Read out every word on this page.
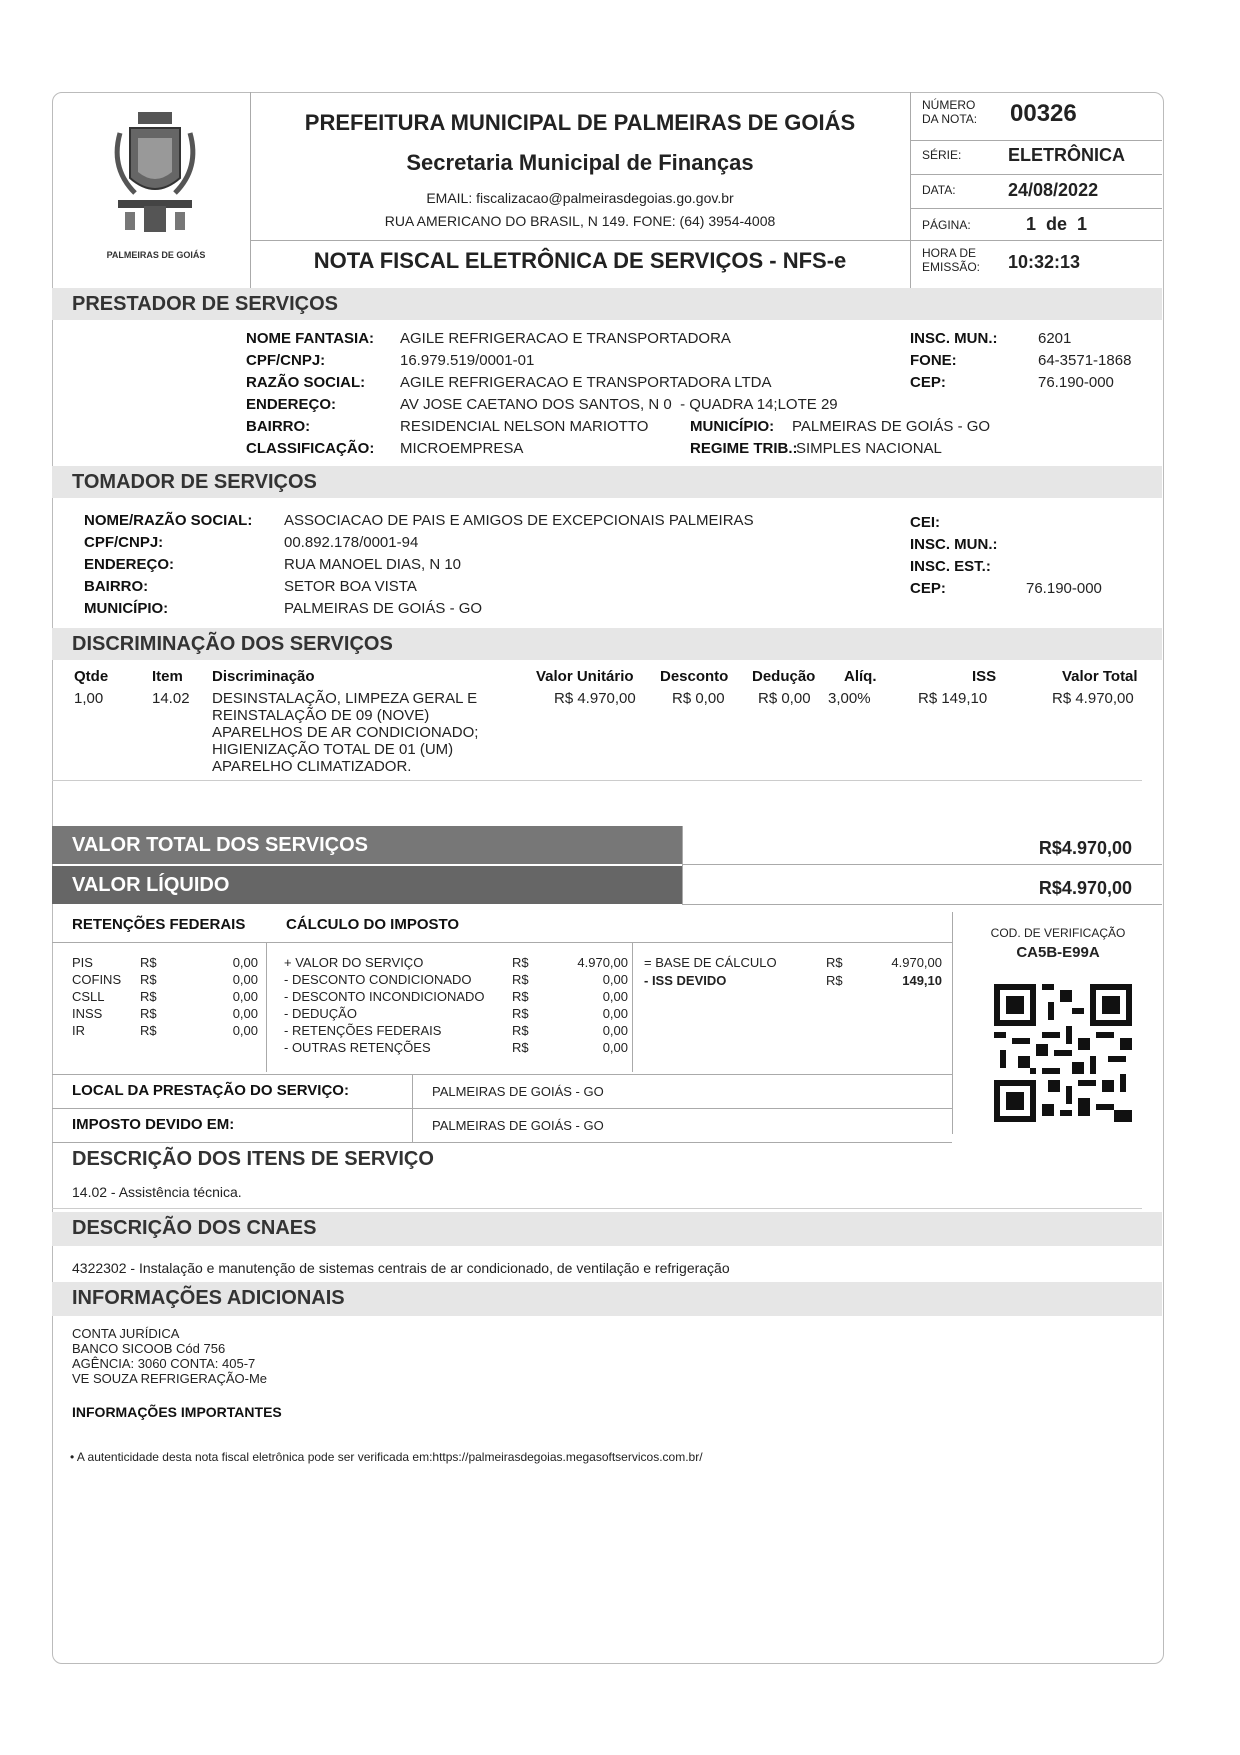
PALMEIRAS DE GOIÁS
PREFEITURA MUNICIPAL DE PALMEIRAS DE GOIÁS
Secretaria Municipal de Finanças
EMAIL: fiscalizacao@palmeirasdegoias.go.gov.br
RUA AMERICANO DO BRASIL, N 149. FONE: (64) 3954-4008
NOTA FISCAL ELETRÔNICA DE SERVIÇOS - NFS-e
NÚMERO
DA NOTA: 00326
SÉRIE:	ELETRÔNICA
DATA:	24/08/2022
PÁGINA:	1  de  1
HORA DE
EMISSÃO: 10:32:13
PRESTADOR DE SERVIÇOS
NOME FANTASIA: AGILE REFRIGERACAO E TRANSPORTADORA
CPF/CNPJ:	16.979.519/0001-01
RAZÃO SOCIAL: AGILE REFRIGERACAO E TRANSPORTADORA LTDA
ENDEREÇO:	AV JOSE CAETANO DOS SANTOS, N 0  - QUADRA 14;LOTE 29
BAIRRO:	RESIDENCIAL NELSON MARIOTTO
CLASSIFICAÇÃO: MICROEMPRESA
MUNICÍPIO: PALMEIRAS DE GOIÁS - GO
REGIME TRIB.:
SIMPLES NACIONAL
INSC. MUN.:	6201
FONE:	64-3571-1868
CEP:	76.190-000
TOMADOR DE SERVIÇOS
NOME/RAZÃO SOCIAL: ASSOCIACAO DE PAIS E AMIGOS DE EXCEPCIONAIS PALMEIRAS
CPF/CNPJ:	00.892.178/0001-94
ENDEREÇO:	RUA MANOEL DIAS, N 10
BAIRRO:	SETOR BOA VISTA
MUNICÍPIO:	PALMEIRAS DE GOIÁS - GO
CEI:
INSC. MUN.:
INSC. EST.:
CEP:	76.190-000
DISCRIMINAÇÃO DOS SERVIÇOS
Qtde	Item Discriminação	Valor Unitário Desconto Dedução Alíq.	ISS	Valor Total
1,00	14.02 DESINSTALAÇÃO, LIMPEZA GERAL E
REINSTALAÇÃO DE 09 (NOVE)
APARELHOS DE AR CONDICIONADO;
HIGIENIZAÇÃO TOTAL DE 01 (UM)
APARELHO CLIMATIZADOR.
R$ 4.970,00 R$ 0,00 R$ 0,00 3,00%	R$ 149,10	R$ 4.970,00
VALOR TOTAL DOS SERVIÇOS
VALOR LÍQUIDO
R$4.970,00
R$4.970,00
RETENÇÕES FEDERAIS	CÁLCULO DO IMPOSTO
PIS	R$	0,00
COFINS R$	0,00
CSLL	R$	0,00
INSS	R$	0,00
IR	R$	0,00
+ VALOR DO SERVIÇO	R$	4.970,00
- DESCONTO CONDICIONADO	R$	0,00
- DESCONTO INCONDICIONADO R$	0,00
- DEDUÇÃO	R$	0,00
- RETENÇÕES FEDERAIS	R$	0,00
- OUTRAS RETENÇÕES	R$	0,00
= BASE DE CÁLCULO	R$	4.970,00
- ISS DEVIDO	R$	149,10
COD. DE VERIFICAÇÃO
CA5B-E99A
LOCAL DA PRESTAÇÃO DO SERVIÇO:	PALMEIRAS DE GOIÁS - GO
IMPOSTO DEVIDO EM:	PALMEIRAS DE GOIÁS - GO
DESCRIÇÃO DOS ITENS DE SERVIÇO
14.02 - Assistência técnica.
DESCRIÇÃO DOS CNAES
4322302 - Instalação e manutenção de sistemas centrais de ar condicionado, de ventilação e refrigeração
INFORMAÇÕES ADICIONAIS
CONTA JURÍDICA
BANCO SICOOB Cód 756
AGÊNCIA: 3060 CONTA: 405-7
VE SOUZA REFRIGERAÇÃO-Me
INFORMAÇÕES IMPORTANTES
• A autenticidade desta nota fiscal eletrônica pode ser verificada em:https://palmeirasdegoias.megasoftservicos.com.br/
